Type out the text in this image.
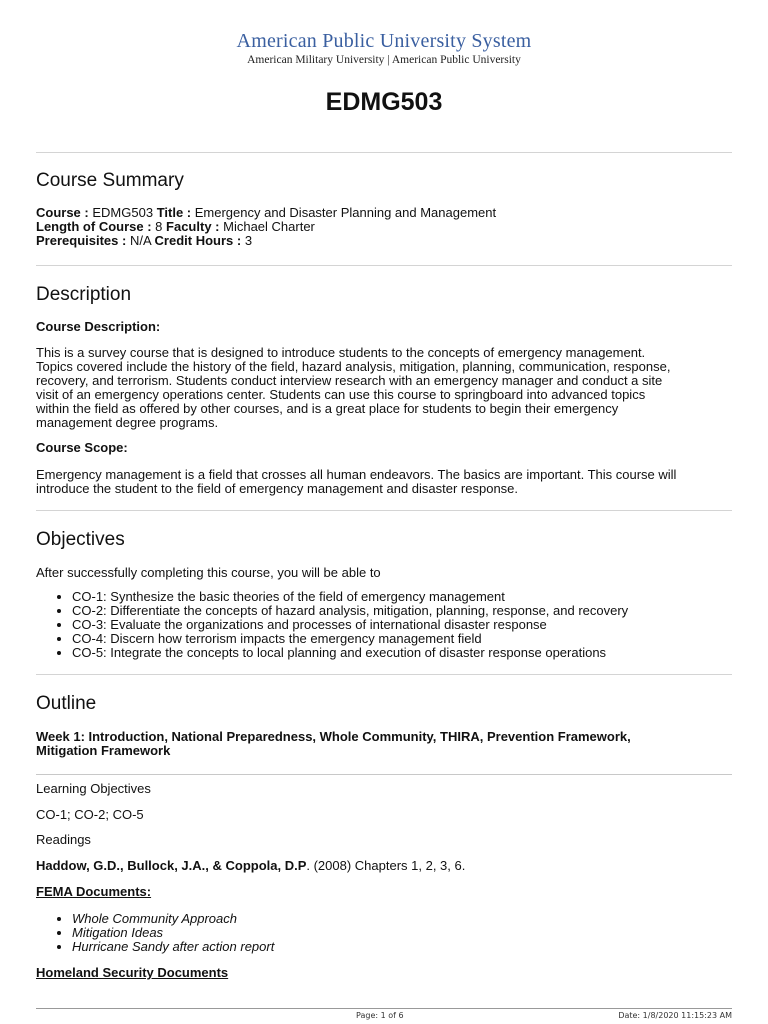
American Public University System
American Military University | American Public University
EDMG503
Course Summary

Course : EDMG503 Title : Emergency and Disaster Planning and Management

Length of Course : 8 Faculty : Michael Charter

Prerequisites : N/A Credit Hours : 3

Description

Course Description:

This is a survey course that is designed to introduce students to the concepts of emergency management.

Topics covered include the history of the field, hazard analysis, mitigation, planning, communication, response,

recovery, and terrorism. Students conduct interview research with an emergency manager and conduct a site

visit of an emergency operations center. Students can use this course to springboard into advanced topics

within the field as offered by other courses, and is a great place for students to begin their emergency

management degree programs.

Course Scope:

Emergency management is a field that crosses all human endeavors. The basics are important. This course will

introduce the student to the field of emergency management and disaster response.

Objectives

After successfully completing this course, you will be able to

• CO-1: Synthesize the basic theories of the field of emergency management
• CO-2: Differentiate the concepts of hazard analysis, mitigation, planning, response, and recovery
• CO-3: Evaluate the organizations and processes of international disaster response
• CO-4: Discern how terrorism impacts the emergency management field
• CO-5: Integrate the concepts to local planning and execution of disaster response operations
Outline

Week 1: Introduction, National Preparedness, Whole Community, THIRA, Prevention Framework,

Mitigation Framework

Learning Objectives

CO-1; CO-2; CO-5

Readings

Haddow, G.D., Bullock, J.A., & Coppola, D.P. (2008) Chapters 1, 2, 3, 6.

FEMA Documents:

• Whole Community Approach
• Mitigation Ideas
• Hurricane Sandy after action report

Homeland Security Documents

Page: 1 of 6	Date: 1/8/2020 11:15:23 AM
